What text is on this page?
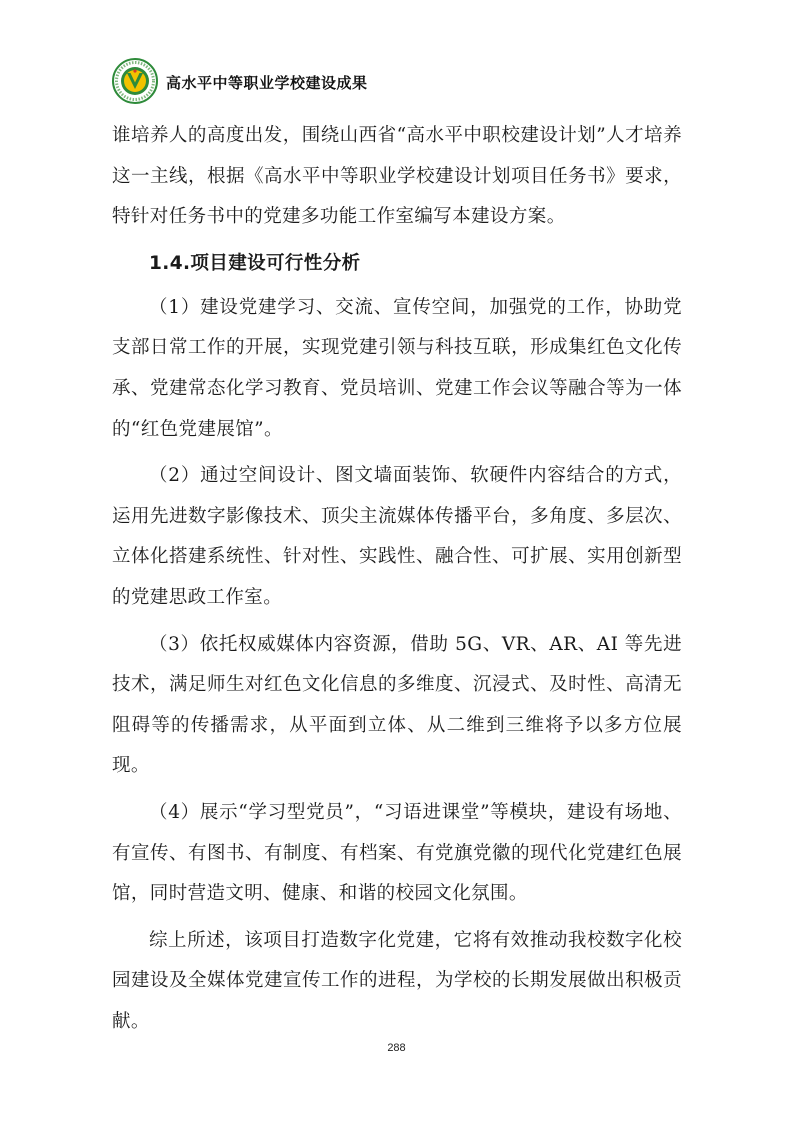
高水平中等职业学校建设成果

谁培养人的高度出发，围绕山西省“高水平中职校建设计划”人才培养这一主线，根据《高水平中等职业学校建设计划项目任务书》要求，特针对任务书中的党建多功能工作室编写本建设方案。

1.4.项目建设可行性分析

（1）建设党建学习、交流、宣传空间，加强党的工作，协助党支部日常工作的开展，实现党建引领与科技互联，形成集红色文化传承、党建常态化学习教育、党员培训、党建工作会议等融合等为一体的“红色党建展馆”。

（2）通过空间设计、图文墙面装饰、软硬件内容结合的方式，运用先进数字影像技术、顶尖主流媒体传播平台，多角度、多层次、立体化搭建系统性、针对性、实践性、融合性、可扩展、实用创新型的党建思政工作室。

（3）依托权威媒体内容资源，借助 5G、VR、AR、AI 等先进技术，满足师生对红色文化信息的多维度、沉浸式、及时性、高清无阻碍等的传播需求，从平面到立体、从二维到三维将予以多方位展现。

（4）展示“学习型党员”，“习语进课堂”等模块，建设有场地、有宣传、有图书、有制度、有档案、有党旗党徽的现代化党建红色展馆，同时营造文明、健康、和谐的校园文化氛围。

综上所述，该项目打造数字化党建，它将有效推动我校数字化校园建设及全媒体党建宣传工作的进程，为学校的长期发展做出积极贡献。

288
